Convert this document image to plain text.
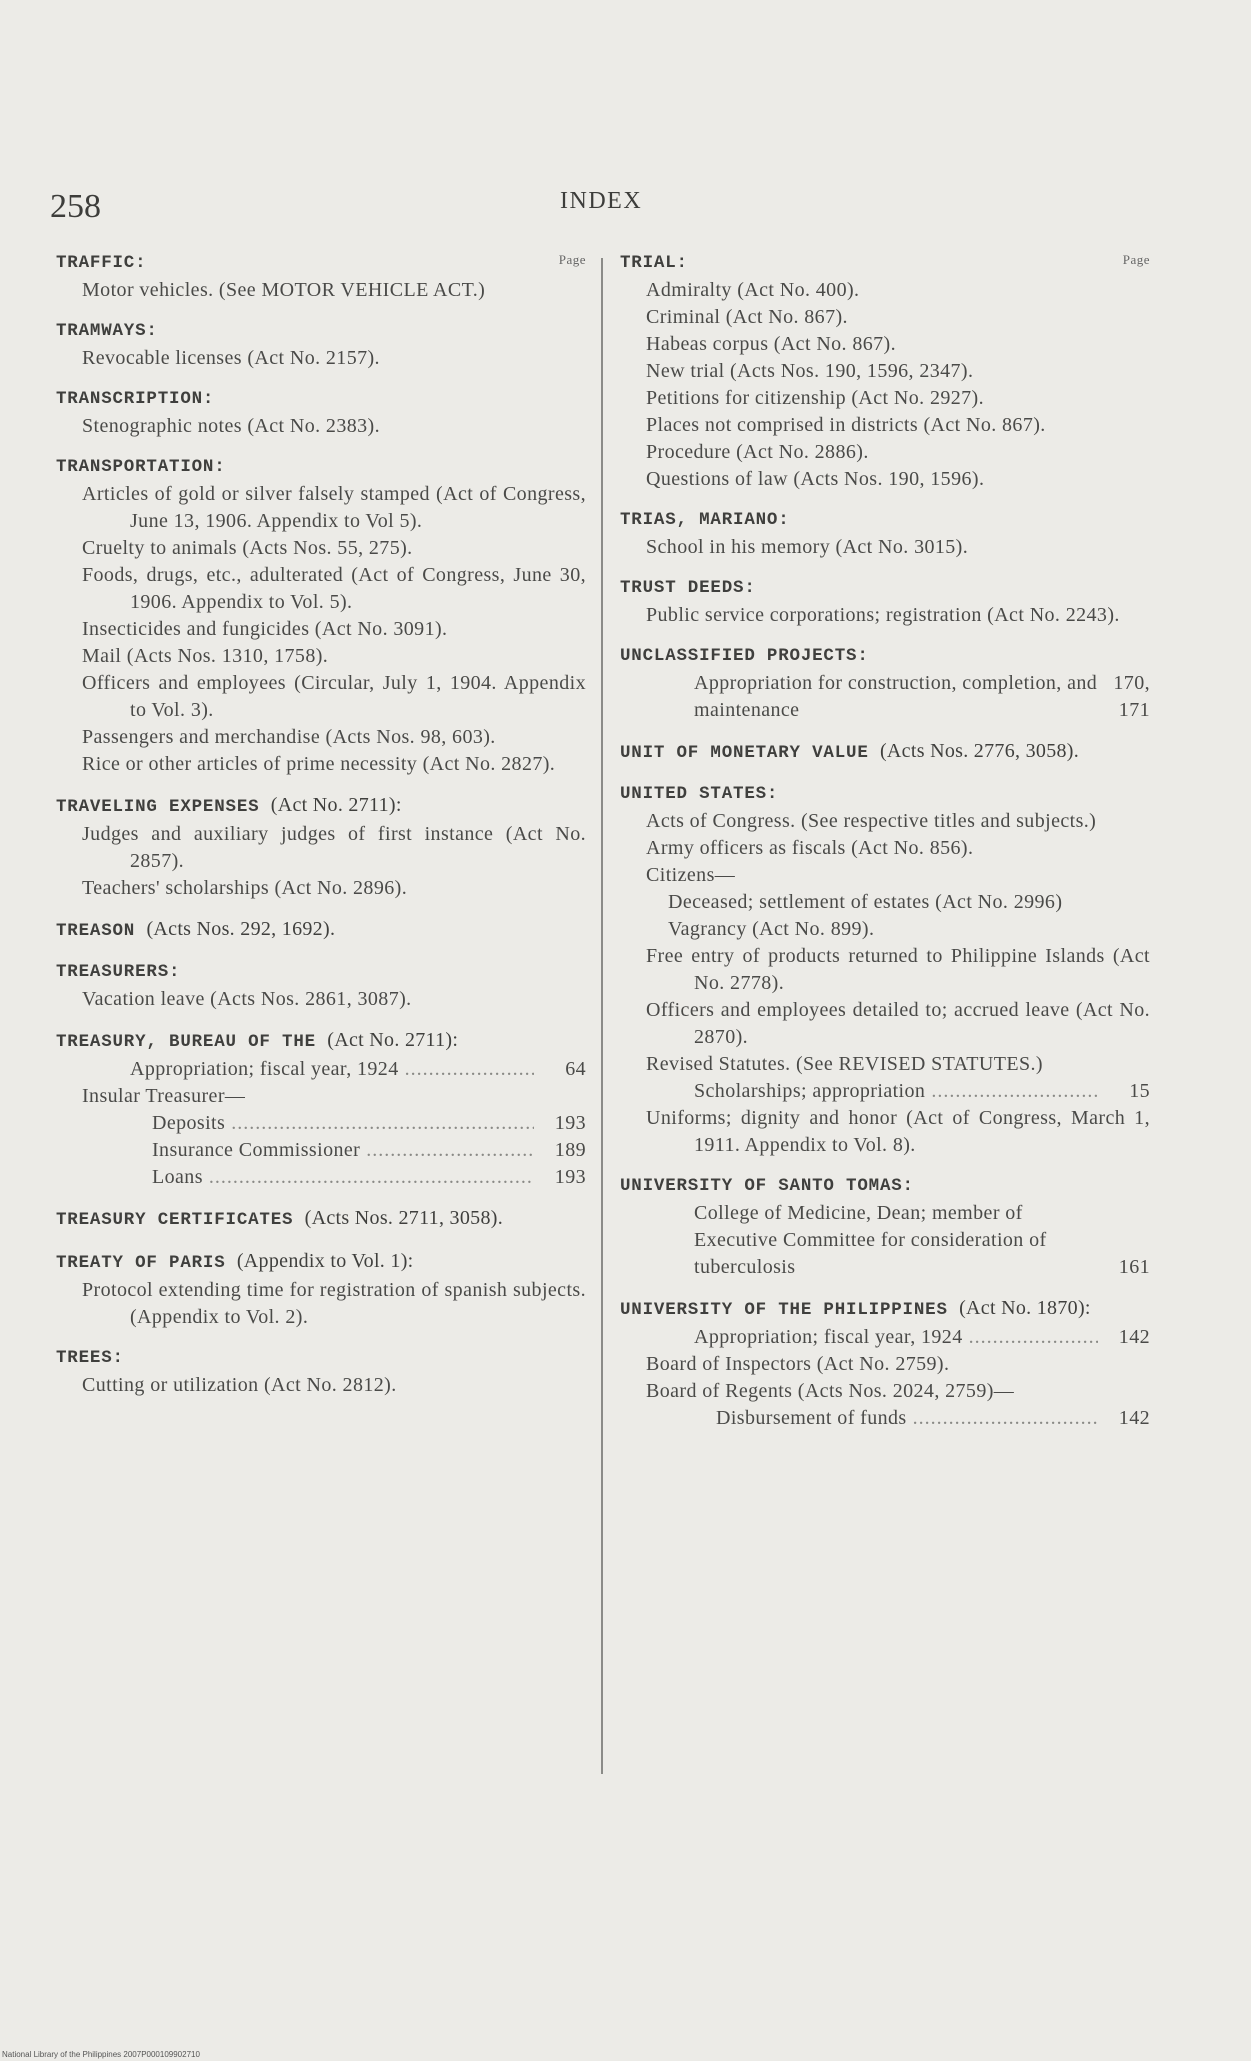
258	INDEX
Page
TRAFFIC:
Motor vehicles. (See MOTOR VEHICLE ACT.)
TRAMWAYS:
Revocable licenses (Act No. 2157).
TRANSCRIPTION:
Stenographic notes (Act No. 2383).
TRANSPORTATION:
Articles of gold or silver falsely stamped (Act of Congress, June 13, 1906. Appendix to Vol 5).
Cruelty to animals (Acts Nos. 55, 275).
Foods, drugs, etc., adulterated (Act of Congress, June 30, 1906. Appendix to Vol. 5).
Insecticides and fungicides (Act No. 3091).
Mail (Acts Nos. 1310, 1758).
Officers and employees (Circular, July 1, 1904. Appendix to Vol. 3).
Passengers and merchandise (Acts Nos. 98, 603).
Rice or other articles of prime necessity (Act No. 2827).
TRAVELING EXPENSES (Act No. 2711):
Judges and auxiliary judges of first instance (Act No. 2857).
Teachers' scholarships (Act No. 2896).
TREASON (Acts Nos. 292, 1692).
TREASURERS:
Vacation leave (Acts Nos. 2861, 3087).
TREASURY, BUREAU OF THE (Act No. 2711):
Appropriation; fiscal year, 1924 .....	64
Insular Treasurer—
Deposits .....	193
Insurance Commissioner .....	189
Loans .....	193
TREASURY CERTIFICATES (Acts Nos. 2711, 3058).
TREATY OF PARIS (Appendix to Vol. 1):
Protocol extending time for registration of spanish subjects. (Appendix to Vol. 2).
TREES:
Cutting or utilization (Act No. 2812).
Page
TRIAL:
Admiralty (Act No. 400).
Criminal (Act No. 867).
Habeas corpus (Act No. 867).
New trial (Acts Nos. 190, 1596, 2347).
Petitions for citizenship (Act No. 2927).
Places not comprised in districts (Act No. 867).
Procedure (Act No. 2886).
Questions of law (Acts Nos. 190, 1596).
TRIAS, MARIANO:
School in his memory (Act No. 3015).
TRUST DEEDS:
Public service corporations; registration (Act No. 2243).
UNCLASSIFIED PROJECTS:
Appropriation for construction, completion, and maintenance
170, 171
UNIT OF MONETARY VALUE (Acts Nos. 2776, 3058).
UNITED STATES:
Acts of Congress. (See respective titles and subjects.)
Army officers as fiscals (Act No. 856).
Citizens—
Deceased; settlement of estates (Act No. 2996)
Vagrancy (Act No. 899).
Free entry of products returned to Philippine Islands (Act No. 2778).
Officers and employees detailed to; accrued leave (Act No. 2870).
Revised Statutes. (See REVISED STATUTES.)
Scholarships; appropriation .....	15
Uniforms; dignity and honor (Act of Congress, March 1, 1911. Appendix to Vol. 8).
UNIVERSITY OF SANTO TOMAS:
College of Medicine, Dean; member of Executive Committee for consideration of tuberculosis	161
UNIVERSITY OF THE PHILIPPINES (Act No. 1870):
Appropriation; fiscal year, 1924 .....	142
Board of Inspectors (Act No. 2759).
Board of Regents (Acts Nos. 2024, 2759)—
Disbursement of funds .....	142
National Library of the Philippines 2007P000109902710
